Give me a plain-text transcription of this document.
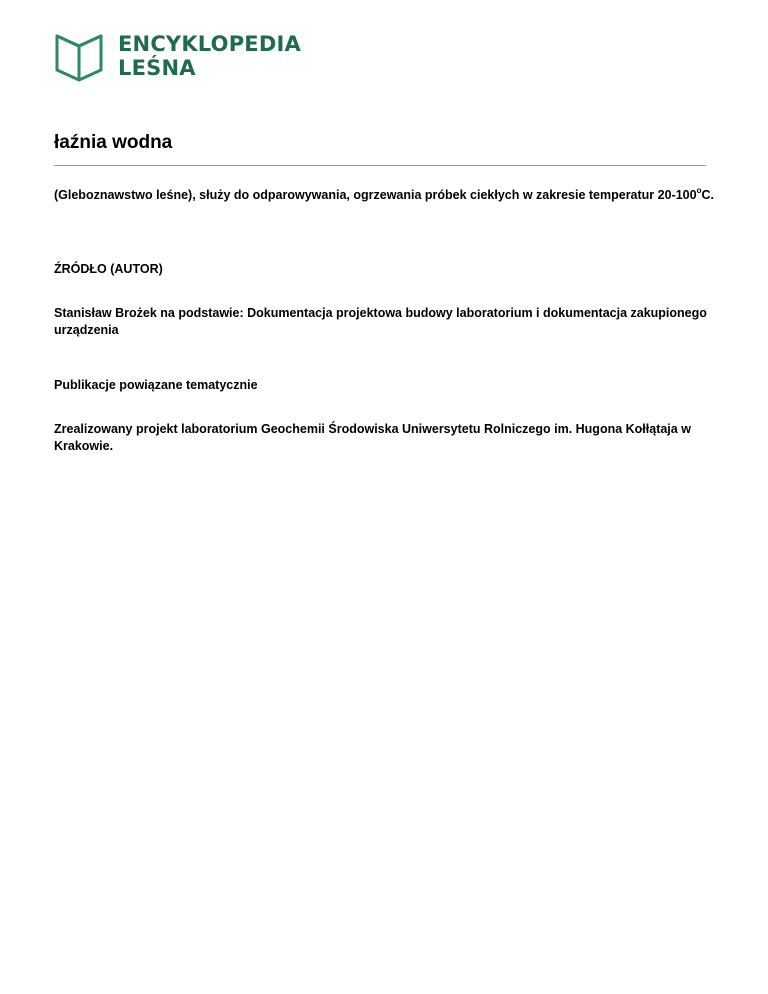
ENCYKLOPEDIA
LEŚNA
łaźnia wodna

(Gleboznawstwo leśne), służy do odparowywania, ogrzewania próbek ciekłych w zakresie temperatur 20-100$^o$C.

ŹRÓDŁO (AUTOR)

Stanisław Brożek na podstawie: Dokumentacja projektowa budowy laboratorium i dokumentacja zakupionego urządzenia

Publikacje powiązane tematycznie

Zrealizowany projekt laboratorium Geochemii Środowiska Uniwersytetu Rolniczego im. Hugona Kołłątaja w Krakowie.
